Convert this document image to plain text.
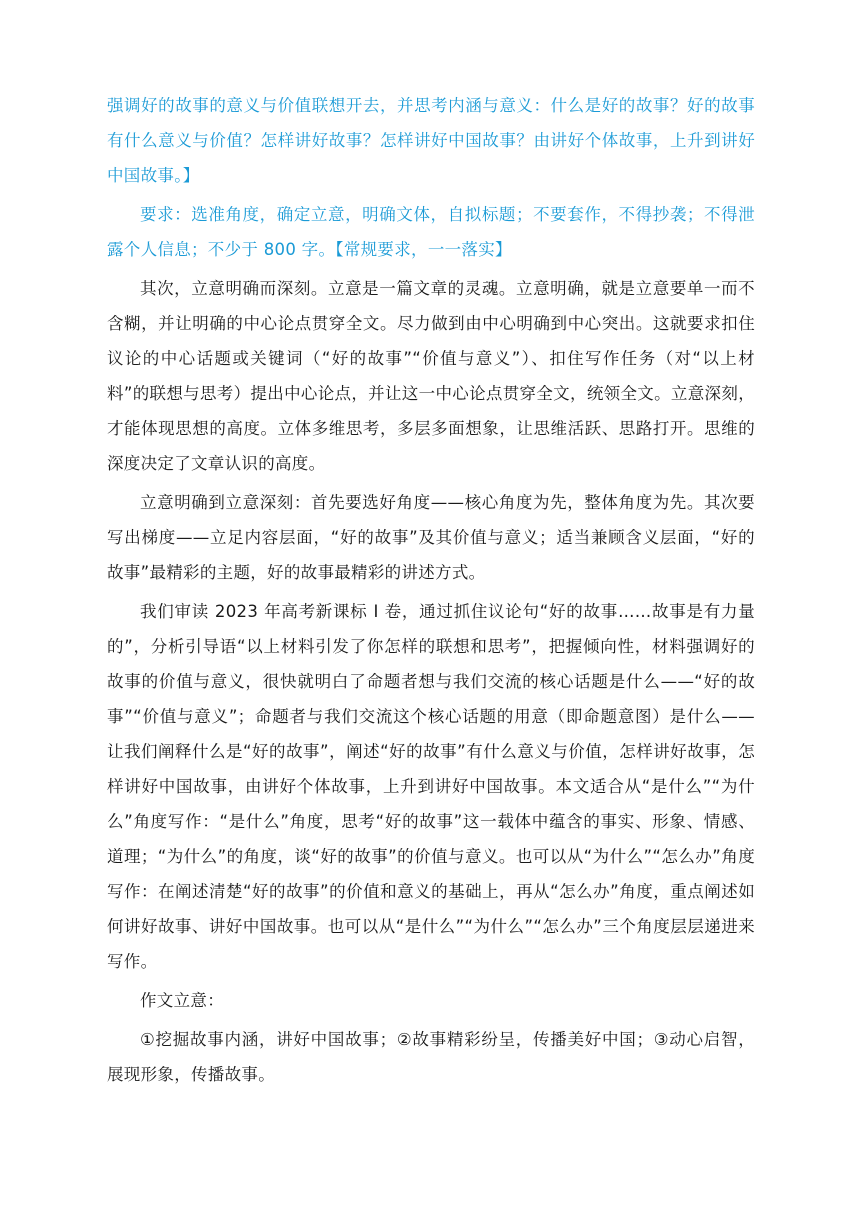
强调好的故事的意义与价值联想开去，并思考内涵与意义：什么是好的故事？好的故事有什么意义与价值？怎样讲好故事？怎样讲好中国故事？由讲好个体故事，上升到讲好中国故事。】

要求：选准角度，确定立意，明确文体，自拟标题；不要套作，不得抄袭；不得泄露个人信息；不少于 800 字。【常规要求，一一落实】

其次，立意明确而深刻。立意是一篇文章的灵魂。立意明确，就是立意要单一而不含糊，并让明确的中心论点贯穿全文。尽力做到由中心明确到中心突出。这就要求扣住议论的中心话题或关键词（“好的故事”“价值与意义”）、扣住写作任务（对“以上材料”的联想与思考）提出中心论点，并让这一中心论点贯穿全文，统领全文。立意深刻，才能体现思想的高度。立体多维思考，多层多面想象，让思维活跃、思路打开。思维的深度决定了文章认识的高度。

立意明确到立意深刻：首先要选好角度——核心角度为先，整体角度为先。其次要写出梯度——立足内容层面，“好的故事”及其价值与意义；适当兼顾含义层面，“好的故事”最精彩的主题，好的故事最精彩的讲述方式。

我们审读 2023 年高考新课标 I 卷，通过抓住议论句“好的故事……故事是有力量的”，分析引导语“以上材料引发了你怎样的联想和思考”，把握倾向性，材料强调好的故事的价值与意义，很快就明白了命题者想与我们交流的核心话题是什么——“好的故事”“价值与意义”；命题者与我们交流这个核心话题的用意（即命题意图）是什么——让我们阐释什么是“好的故事”，阐述“好的故事”有什么意义与价值，怎样讲好故事，怎样讲好中国故事，由讲好个体故事，上升到讲好中国故事。本文适合从“是什么”“为什么”角度写作：“是什么”角度，思考“好的故事”这一载体中蕴含的事实、形象、情感、道理；“为什么”的角度，谈“好的故事”的价值与意义。也可以从“为什么”“怎么办”角度写作：在阐述清楚“好的故事”的价值和意义的基础上，再从“怎么办”角度，重点阐述如何讲好故事、讲好中国故事。也可以从“是什么”“为什么”“怎么办”三个角度层层递进来写作。

作文立意：

①挖掘故事内涵，讲好中国故事；②故事精彩纷呈，传播美好中国；③动心启智，展现形象，传播故事。
